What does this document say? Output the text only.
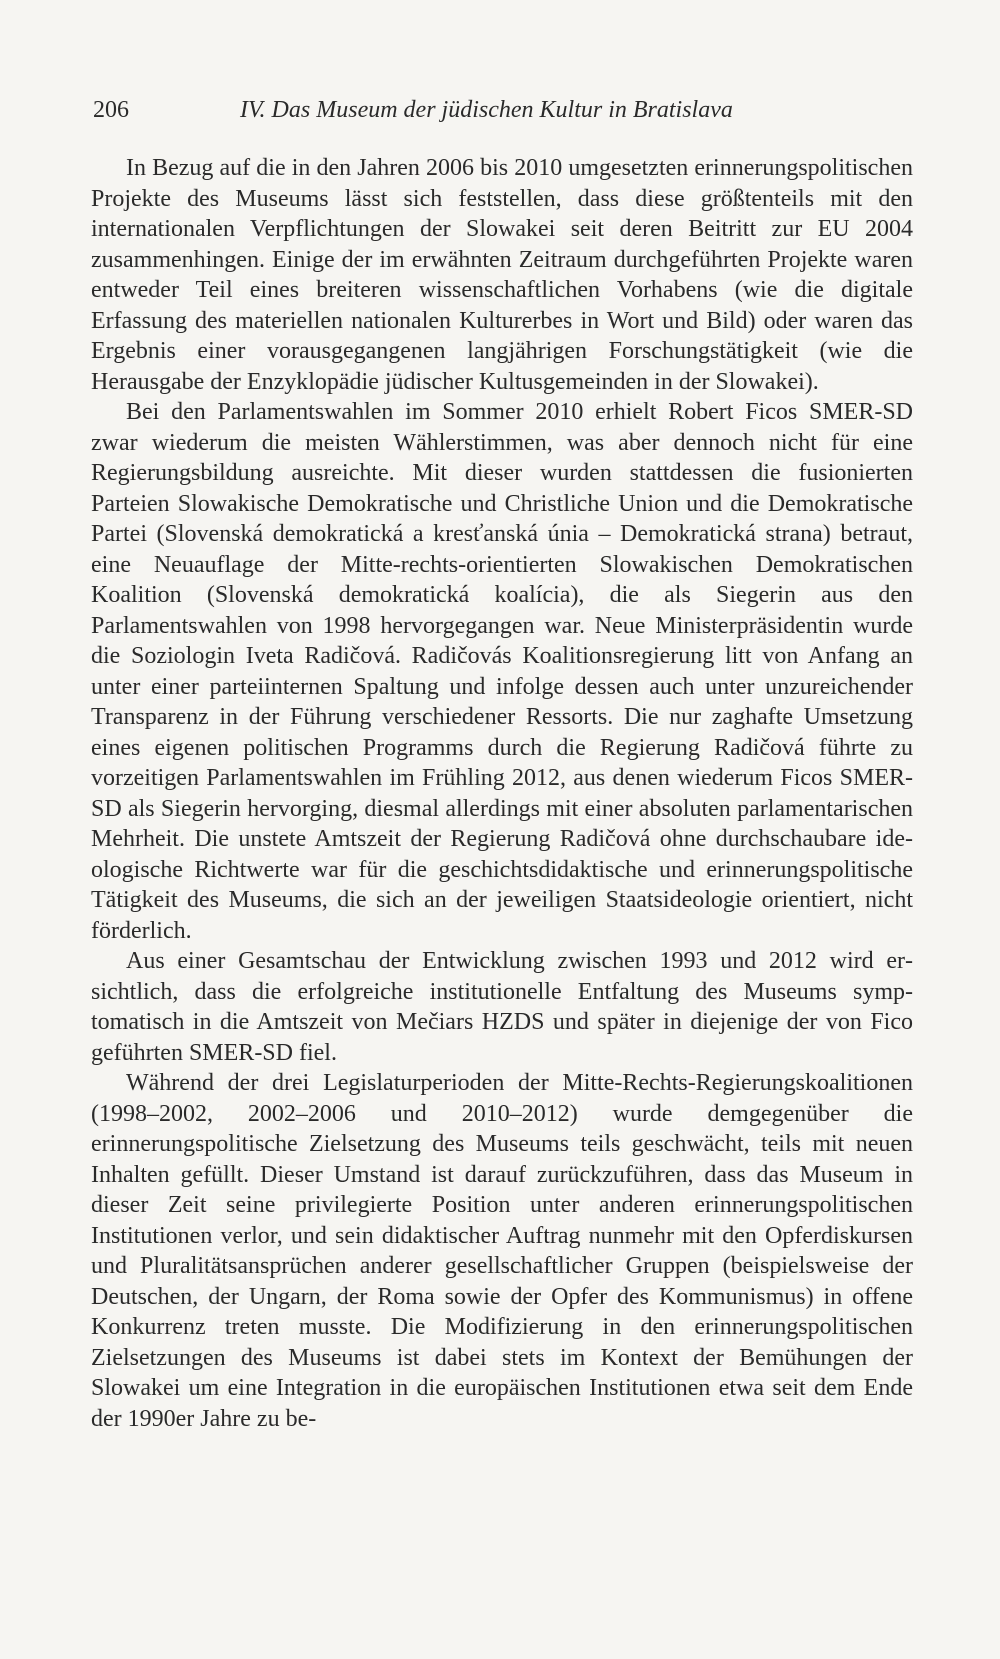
206	IV. Das Museum der jüdischen Kultur in Bratislava

In Bezug auf die in den Jahren 2006 bis 2010 umgesetzten erinnerungspolitischen Projekte des Museums lässt sich feststellen, dass diese größtenteils mit den internationalen Verpflichtungen der Slowakei seit deren Beitritt zur EU 2004 zusammenhingen. Einige der im erwähnten Zeitraum durchgeführten Projekte waren entweder Teil eines breiteren wissenschaftlichen Vorhabens (wie die digitale Erfassung des materiellen nationalen Kulturerbes in Wort und Bild) oder waren das Ergebnis einer vorausgegangenen langjährigen Forschungstätigkeit (wie die Herausgabe der Enzyklopädie jüdischer Kultusgemeinden in der Slowakei).

Bei den Parlamentswahlen im Sommer 2010 erhielt Robert Ficos SMER-SD zwar wiederum die meisten Wählerstimmen, was aber dennoch nicht für eine Regierungsbildung ausreichte. Mit dieser wurden stattdessen die fusionierten Parteien Slowakische Demokratische und Christliche Union und die Demokratische Partei (Slovenská demokratická a kresťanská únia – Demokratická strana) betraut, eine Neuauflage der Mitte-rechts-orientierten Slowakischen Demokratischen Koalition (Slovenská demokratická koalícia), die als Siegerin aus den Parlamentswahlen von 1998 hervorgegangen war. Neue Ministerpräsidentin wurde die Soziologin Iveta Radičová. Radičovás Koalitionsregierung litt von Anfang an unter einer parteiinternen Spaltung und infolge dessen auch unter unzureichender Transparenz in der Führung verschiedener Ressorts. Die nur zaghafte Umsetzung eines eigenen politischen Programms durch die Regierung Radičová führte zu vorzeitigen Parlamentswahlen im Frühling 2012, aus denen wiederum Ficos SMER-SD als Siegerin hervorging, diesmal allerdings mit einer absoluten parlamentarischen Mehrheit. Die unstete Amtszeit der Regierung Radičová ohne durchschaubare ideologische Richtwerte war für die geschichtsdidaktische und erinnerungspolitische Tätigkeit des Museums, die sich an der jeweiligen Staatsideologie orientiert, nicht förderlich.

Aus einer Gesamtschau der Entwicklung zwischen 1993 und 2012 wird ersichtlich, dass die erfolgreiche institutionelle Entfaltung des Museums symptomatisch in die Amtszeit von Mečiars HZDS und später in diejenige der von Fico geführten SMER-SD fiel.

Während der drei Legislaturperioden der Mitte-Rechts-Regierungskoalitionen (1998–2002, 2002–2006 und 2010–2012) wurde demgegenüber die erinnerungspolitische Zielsetzung des Museums teils geschwächt, teils mit neuen Inhalten gefüllt. Dieser Umstand ist darauf zurückzuführen, dass das Museum in dieser Zeit seine privilegierte Position unter anderen erinnerungspolitischen Institutionen verlor, und sein didaktischer Auftrag nunmehr mit den Opferdiskursen und Pluralitätsansprüchen anderer gesellschaftlicher Gruppen (beispielsweise der Deutschen, der Ungarn, der Roma sowie der Opfer des Kommunismus) in offene Konkurrenz treten musste. Die Modifizierung in den erinnerungspolitischen Zielsetzungen des Museums ist dabei stets im Kontext der Bemühungen der Slowakei um eine Integration in die europäischen Institutionen etwa seit dem Ende der 1990er Jahre zu be-
